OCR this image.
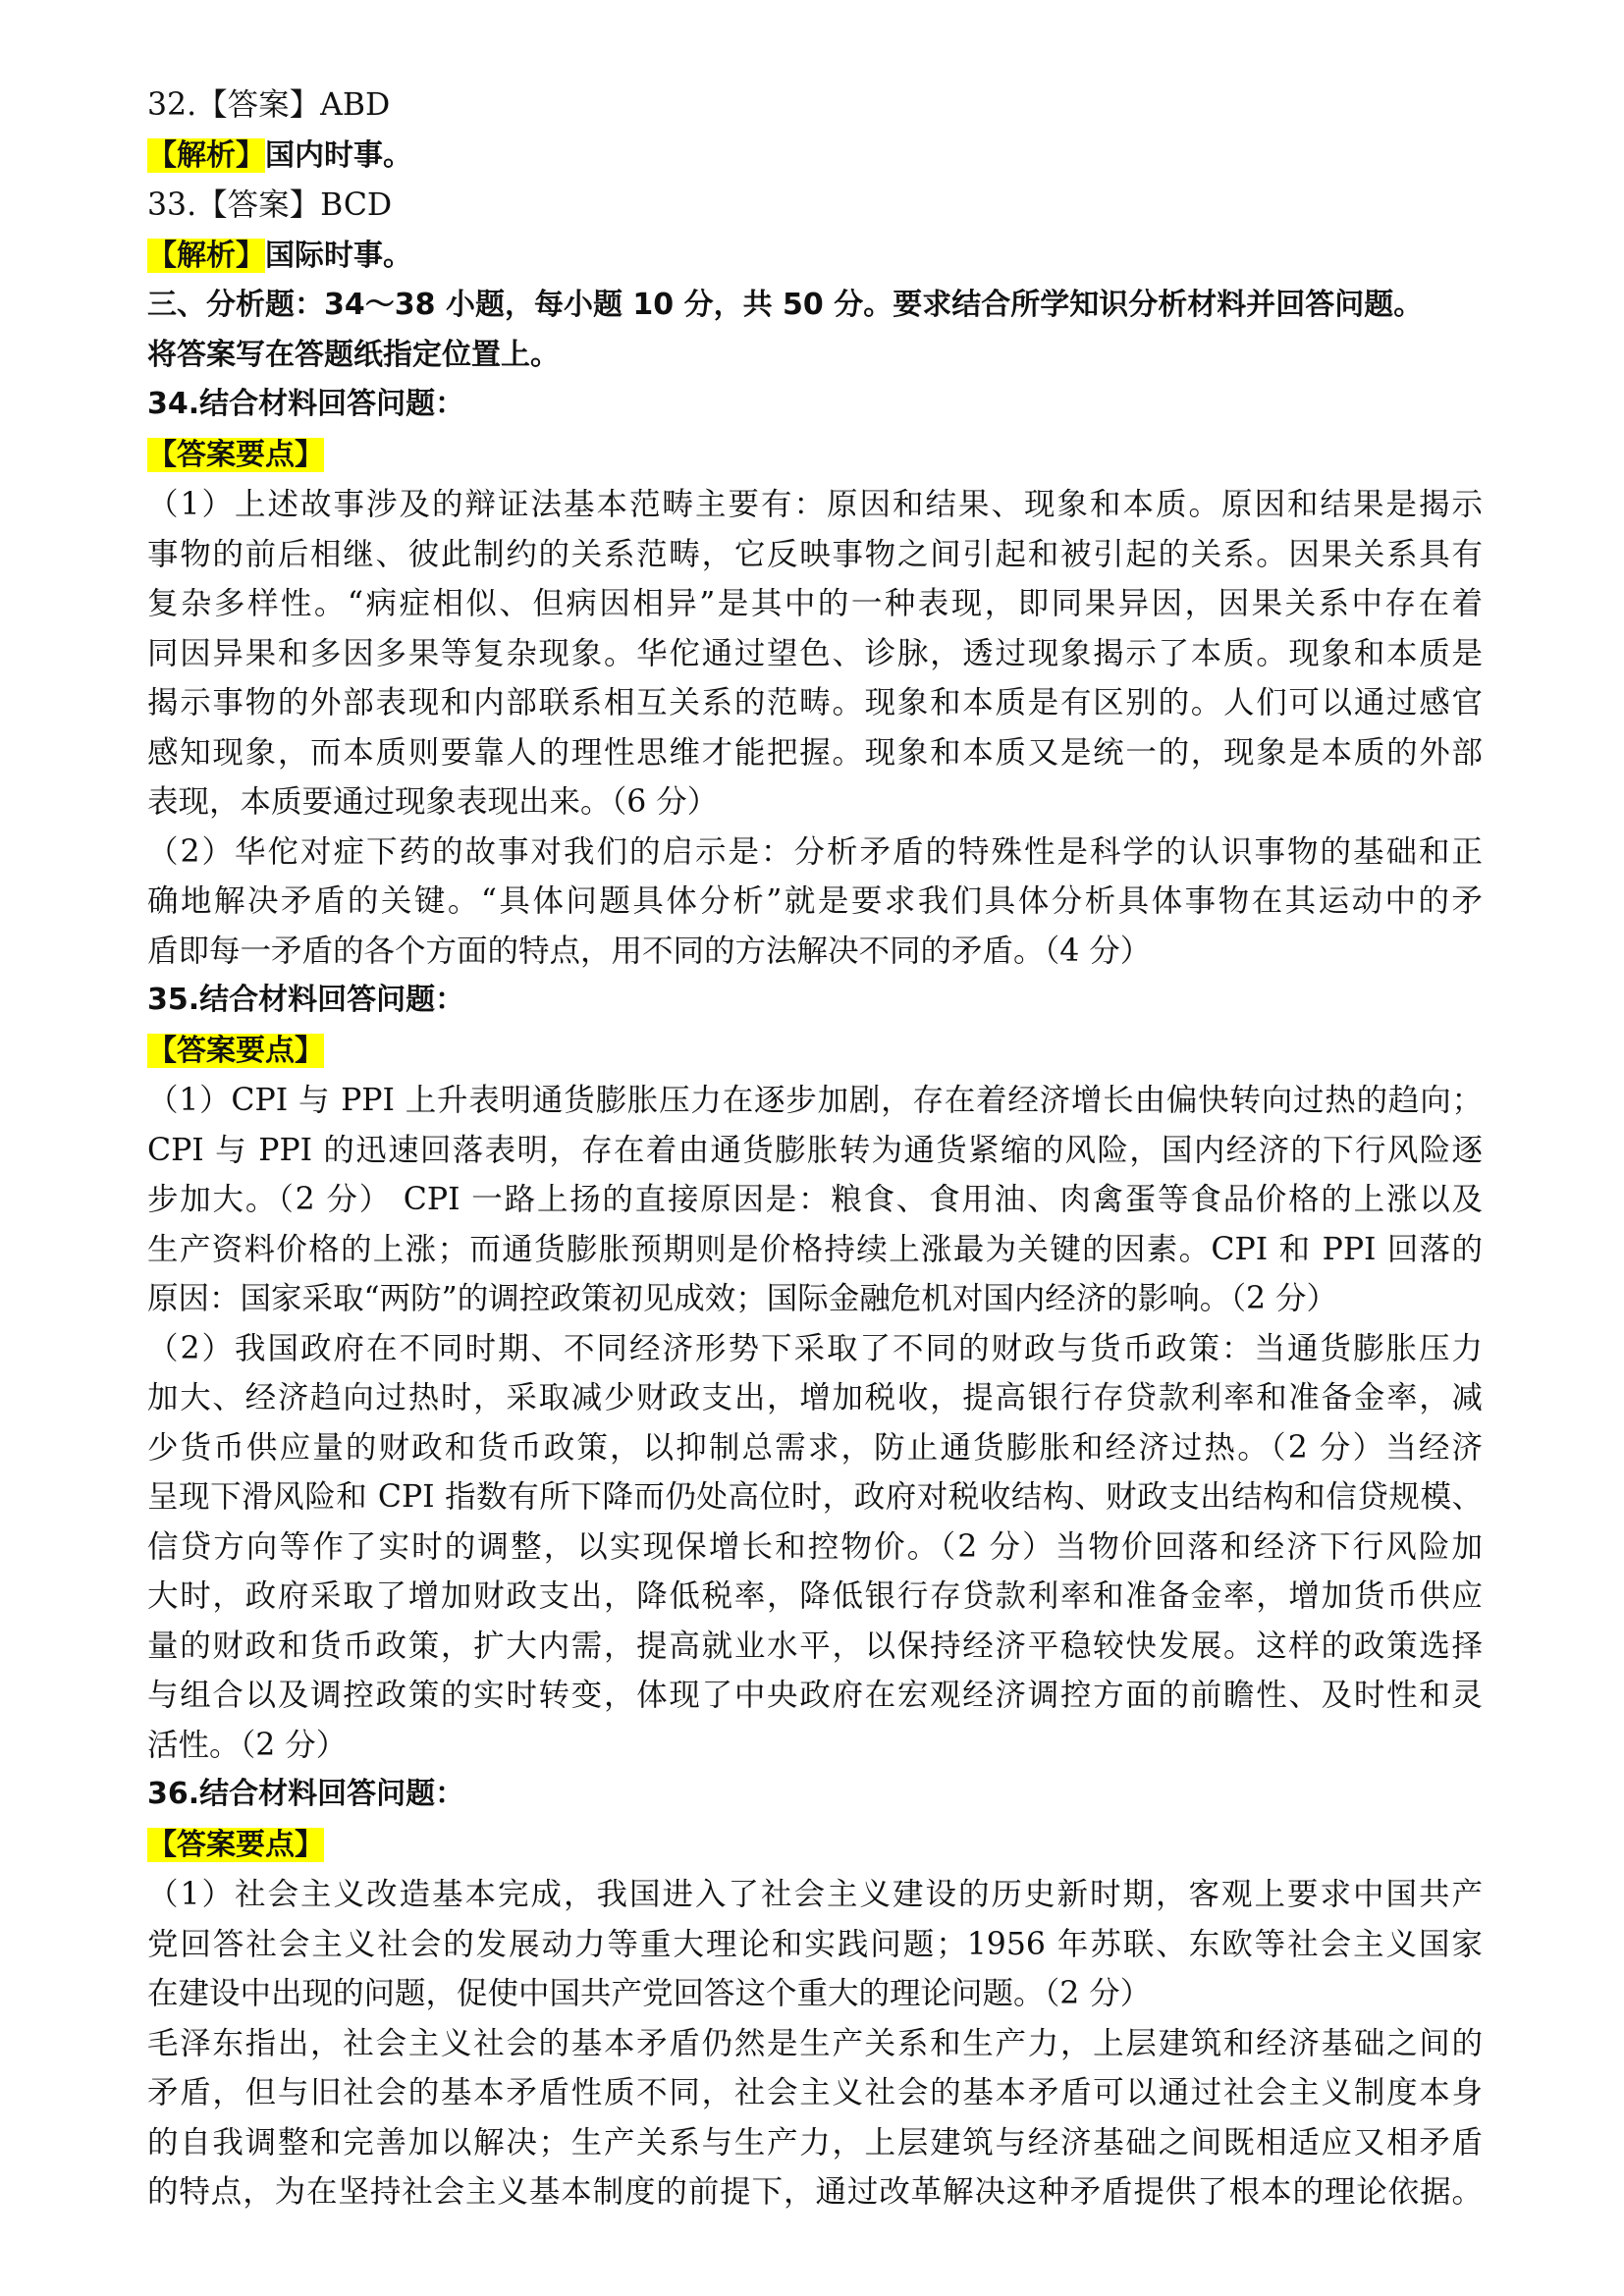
32.【答案】ABD
【解析】国内时事。
33.【答案】BCD
【解析】国际时事。
三、分析题：34～38 小题，每小题 10 分，共 50 分。要求结合所学知识分析材料并回答问题。
将答案写在答题纸指定位置上。
34.结合材料回答问题：
【答案要点】
（1）上述故事涉及的辩证法基本范畴主要有：原因和结果、现象和本质。原因和结果是揭示
事物的前后相继、彼此制约的关系范畴，它反映事物之间引起和被引起的关系。因果关系具有
复杂多样性。“病症相似、但病因相异”是其中的一种表现，即同果异因，因果关系中存在着
同因异果和多因多果等复杂现象。华佗通过望色、诊脉，透过现象揭示了本质。现象和本质是
揭示事物的外部表现和内部联系相互关系的范畴。现象和本质是有区别的。人们可以通过感官
感知现象，而本质则要靠人的理性思维才能把握。现象和本质又是统一的，现象是本质的外部
表现，本质要通过现象表现出来。（6 分）
（2）华佗对症下药的故事对我们的启示是：分析矛盾的特殊性是科学的认识事物的基础和正
确地解决矛盾的关键。“具体问题具体分析”就是要求我们具体分析具体事物在其运动中的矛
盾即每一矛盾的各个方面的特点，用不同的方法解决不同的矛盾。（4 分）
35.结合材料回答问题：
【答案要点】
（1）CPI 与 PPI 上升表明通货膨胀压力在逐步加剧，存在着经济增长由偏快转向过热的趋向；
CPI 与 PPI 的迅速回落表明，存在着由通货膨胀转为通货紧缩的风险，国内经济的下行风险逐
步加大。（2 分） CPI 一路上扬的直接原因是：粮食、食用油、肉禽蛋等食品价格的上涨以及
生产资料价格的上涨；而通货膨胀预期则是价格持续上涨最为关键的因素。CPI 和 PPI 回落的
原因：国家采取“两防”的调控政策初见成效；国际金融危机对国内经济的影响。（2 分）
（2）我国政府在不同时期、不同经济形势下采取了不同的财政与货币政策：当通货膨胀压力
加大、经济趋向过热时，采取减少财政支出，增加税收，提高银行存贷款利率和准备金率，减
少货币供应量的财政和货币政策，以抑制总需求，防止通货膨胀和经济过热。（2 分）当经济
呈现下滑风险和 CPI 指数有所下降而仍处高位时，政府对税收结构、财政支出结构和信贷规模、
信贷方向等作了实时的调整，以实现保增长和控物价。（2 分）当物价回落和经济下行风险加
大时，政府采取了增加财政支出，降低税率，降低银行存贷款利率和准备金率，增加货币供应
量的财政和货币政策，扩大内需，提高就业水平，以保持经济平稳较快发展。这样的政策选择
与组合以及调控政策的实时转变，体现了中央政府在宏观经济调控方面的前瞻性、及时性和灵
活性。（2 分）
36.结合材料回答问题：
【答案要点】
（1）社会主义改造基本完成，我国进入了社会主义建设的历史新时期，客观上要求中国共产
党回答社会主义社会的发展动力等重大理论和实践问题；1956 年苏联、东欧等社会主义国家
在建设中出现的问题，促使中国共产党回答这个重大的理论问题。（2 分）
毛泽东指出，社会主义社会的基本矛盾仍然是生产关系和生产力，上层建筑和经济基础之间的
矛盾，但与旧社会的基本矛盾性质不同，社会主义社会的基本矛盾可以通过社会主义制度本身
的自我调整和完善加以解决；生产关系与生产力，上层建筑与经济基础之间既相适应又相矛盾
的特点，为在坚持社会主义基本制度的前提下，通过改革解决这种矛盾提供了根本的理论依据。
